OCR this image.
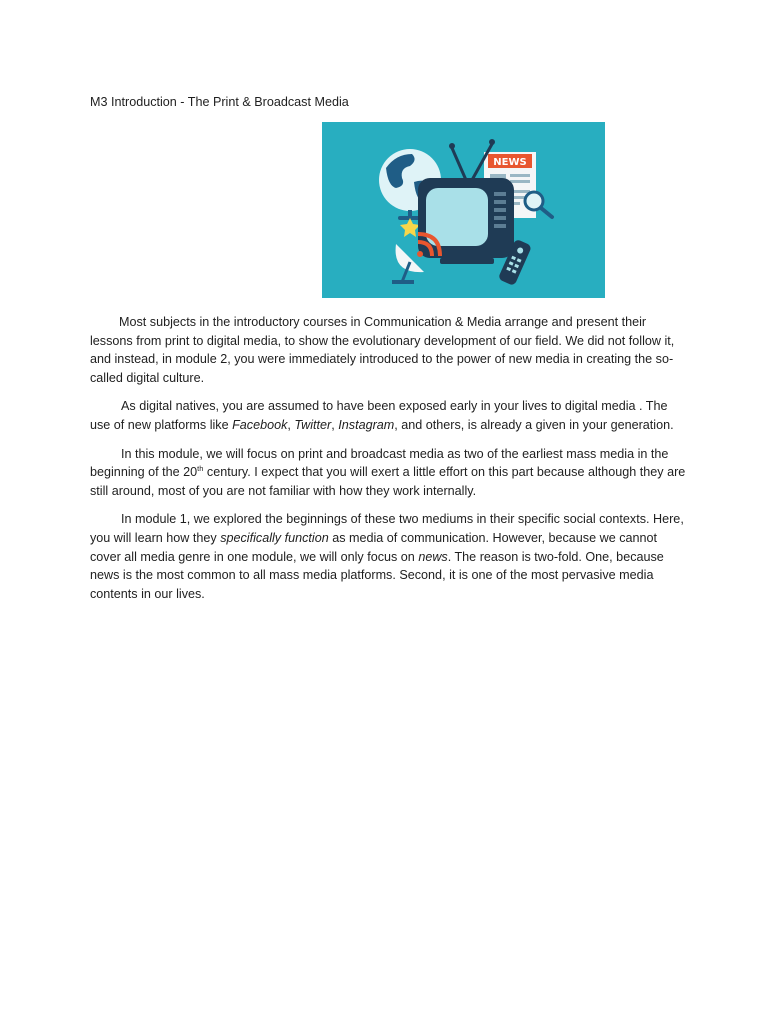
M3 Introduction - The Print & Broadcast Media
NEWS

Most subjects in the introductory courses in Communication & Media arrange and present their lessons from print to digital media, to show the evolutionary development of our field. We did not follow it, and instead, in module 2, you were immediately introduced to the power of new media in creating the so-called digital culture.

As digital natives, you are assumed to have been exposed early in your lives to digital media . The use of new platforms like Facebook, Twitter, Instagram, and others, is already a given in your generation.

In this module, we will focus on print and broadcast media as two of the earliest mass media in the beginning of the 20th century. I expect that you will exert a little effort on this part because although they are still around, most of you are not familiar with how they work internally.

In module 1, we explored the beginnings of these two mediums in their specific social contexts. Here, you will learn how they specifically function as media of communication. However, because we cannot cover all media genre in one module, we will only focus on news. The reason is two-fold. One, because news is the most common to all mass media platforms. Second, it is one of the most pervasive media contents in our lives.
